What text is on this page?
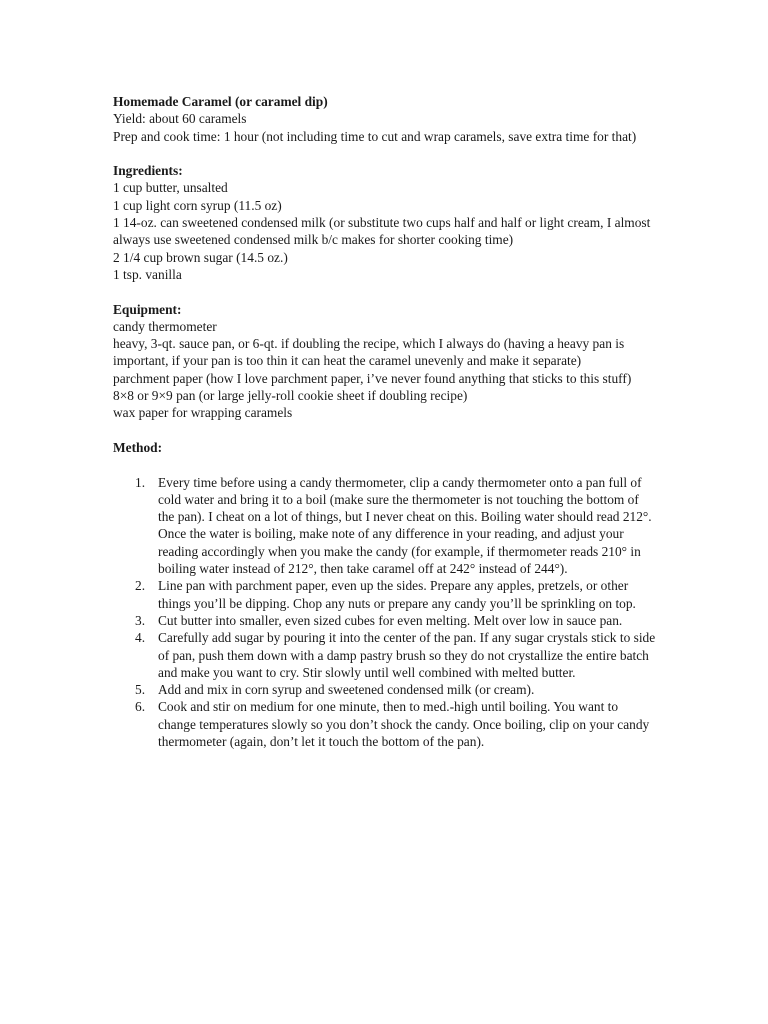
Homemade Caramel (or caramel dip)
Yield: about 60 caramels
Prep and cook time: 1 hour (not including time to cut and wrap caramels, save extra time for that)
Ingredients:
1 cup butter, unsalted
1 cup light corn syrup (11.5 oz)
1 14-oz. can sweetened condensed milk (or substitute two cups half and half or light cream, I almost always use sweetened condensed milk b/c makes for shorter cooking time)
2 1/4 cup brown sugar (14.5 oz.)
1 tsp. vanilla
Equipment:
candy thermometer
heavy, 3-qt. sauce pan, or 6-qt. if doubling the recipe, which I always do (having a heavy pan is important, if your pan is too thin it can heat the caramel unevenly and make it separate)
parchment paper (how I love parchment paper, i’ve never found anything that sticks to this stuff)
8×8 or 9×9 pan (or large jelly-roll cookie sheet if doubling recipe)
wax paper for wrapping caramels
Method:
1. Every time before using a candy thermometer, clip a candy thermometer onto a pan full of cold water and bring it to a boil (make sure the thermometer is not touching the bottom of the pan). I cheat on a lot of things, but I never cheat on this. Boiling water should read 212°. Once the water is boiling, make note of any difference in your reading, and adjust your reading accordingly when you make the candy (for example, if thermometer reads 210° in boiling water instead of 212°, then take caramel off at 242° instead of 244°).
2. Line pan with parchment paper, even up the sides. Prepare any apples, pretzels, or other things you’ll be dipping. Chop any nuts or prepare any candy you’ll be sprinkling on top.
3. Cut butter into smaller, even sized cubes for even melting. Melt over low in sauce pan.
4. Carefully add sugar by pouring it into the center of the pan. If any sugar crystals stick to side of pan, push them down with a damp pastry brush so they do not crystallize the entire batch and make you want to cry. Stir slowly until well combined with melted butter.
5. Add and mix in corn syrup and sweetened condensed milk (or cream).
6. Cook and stir on medium for one minute, then to med.-high until boiling. You want to change temperatures slowly so you don’t shock the candy. Once boiling, clip on your candy thermometer (again, don’t let it touch the bottom of the pan).
